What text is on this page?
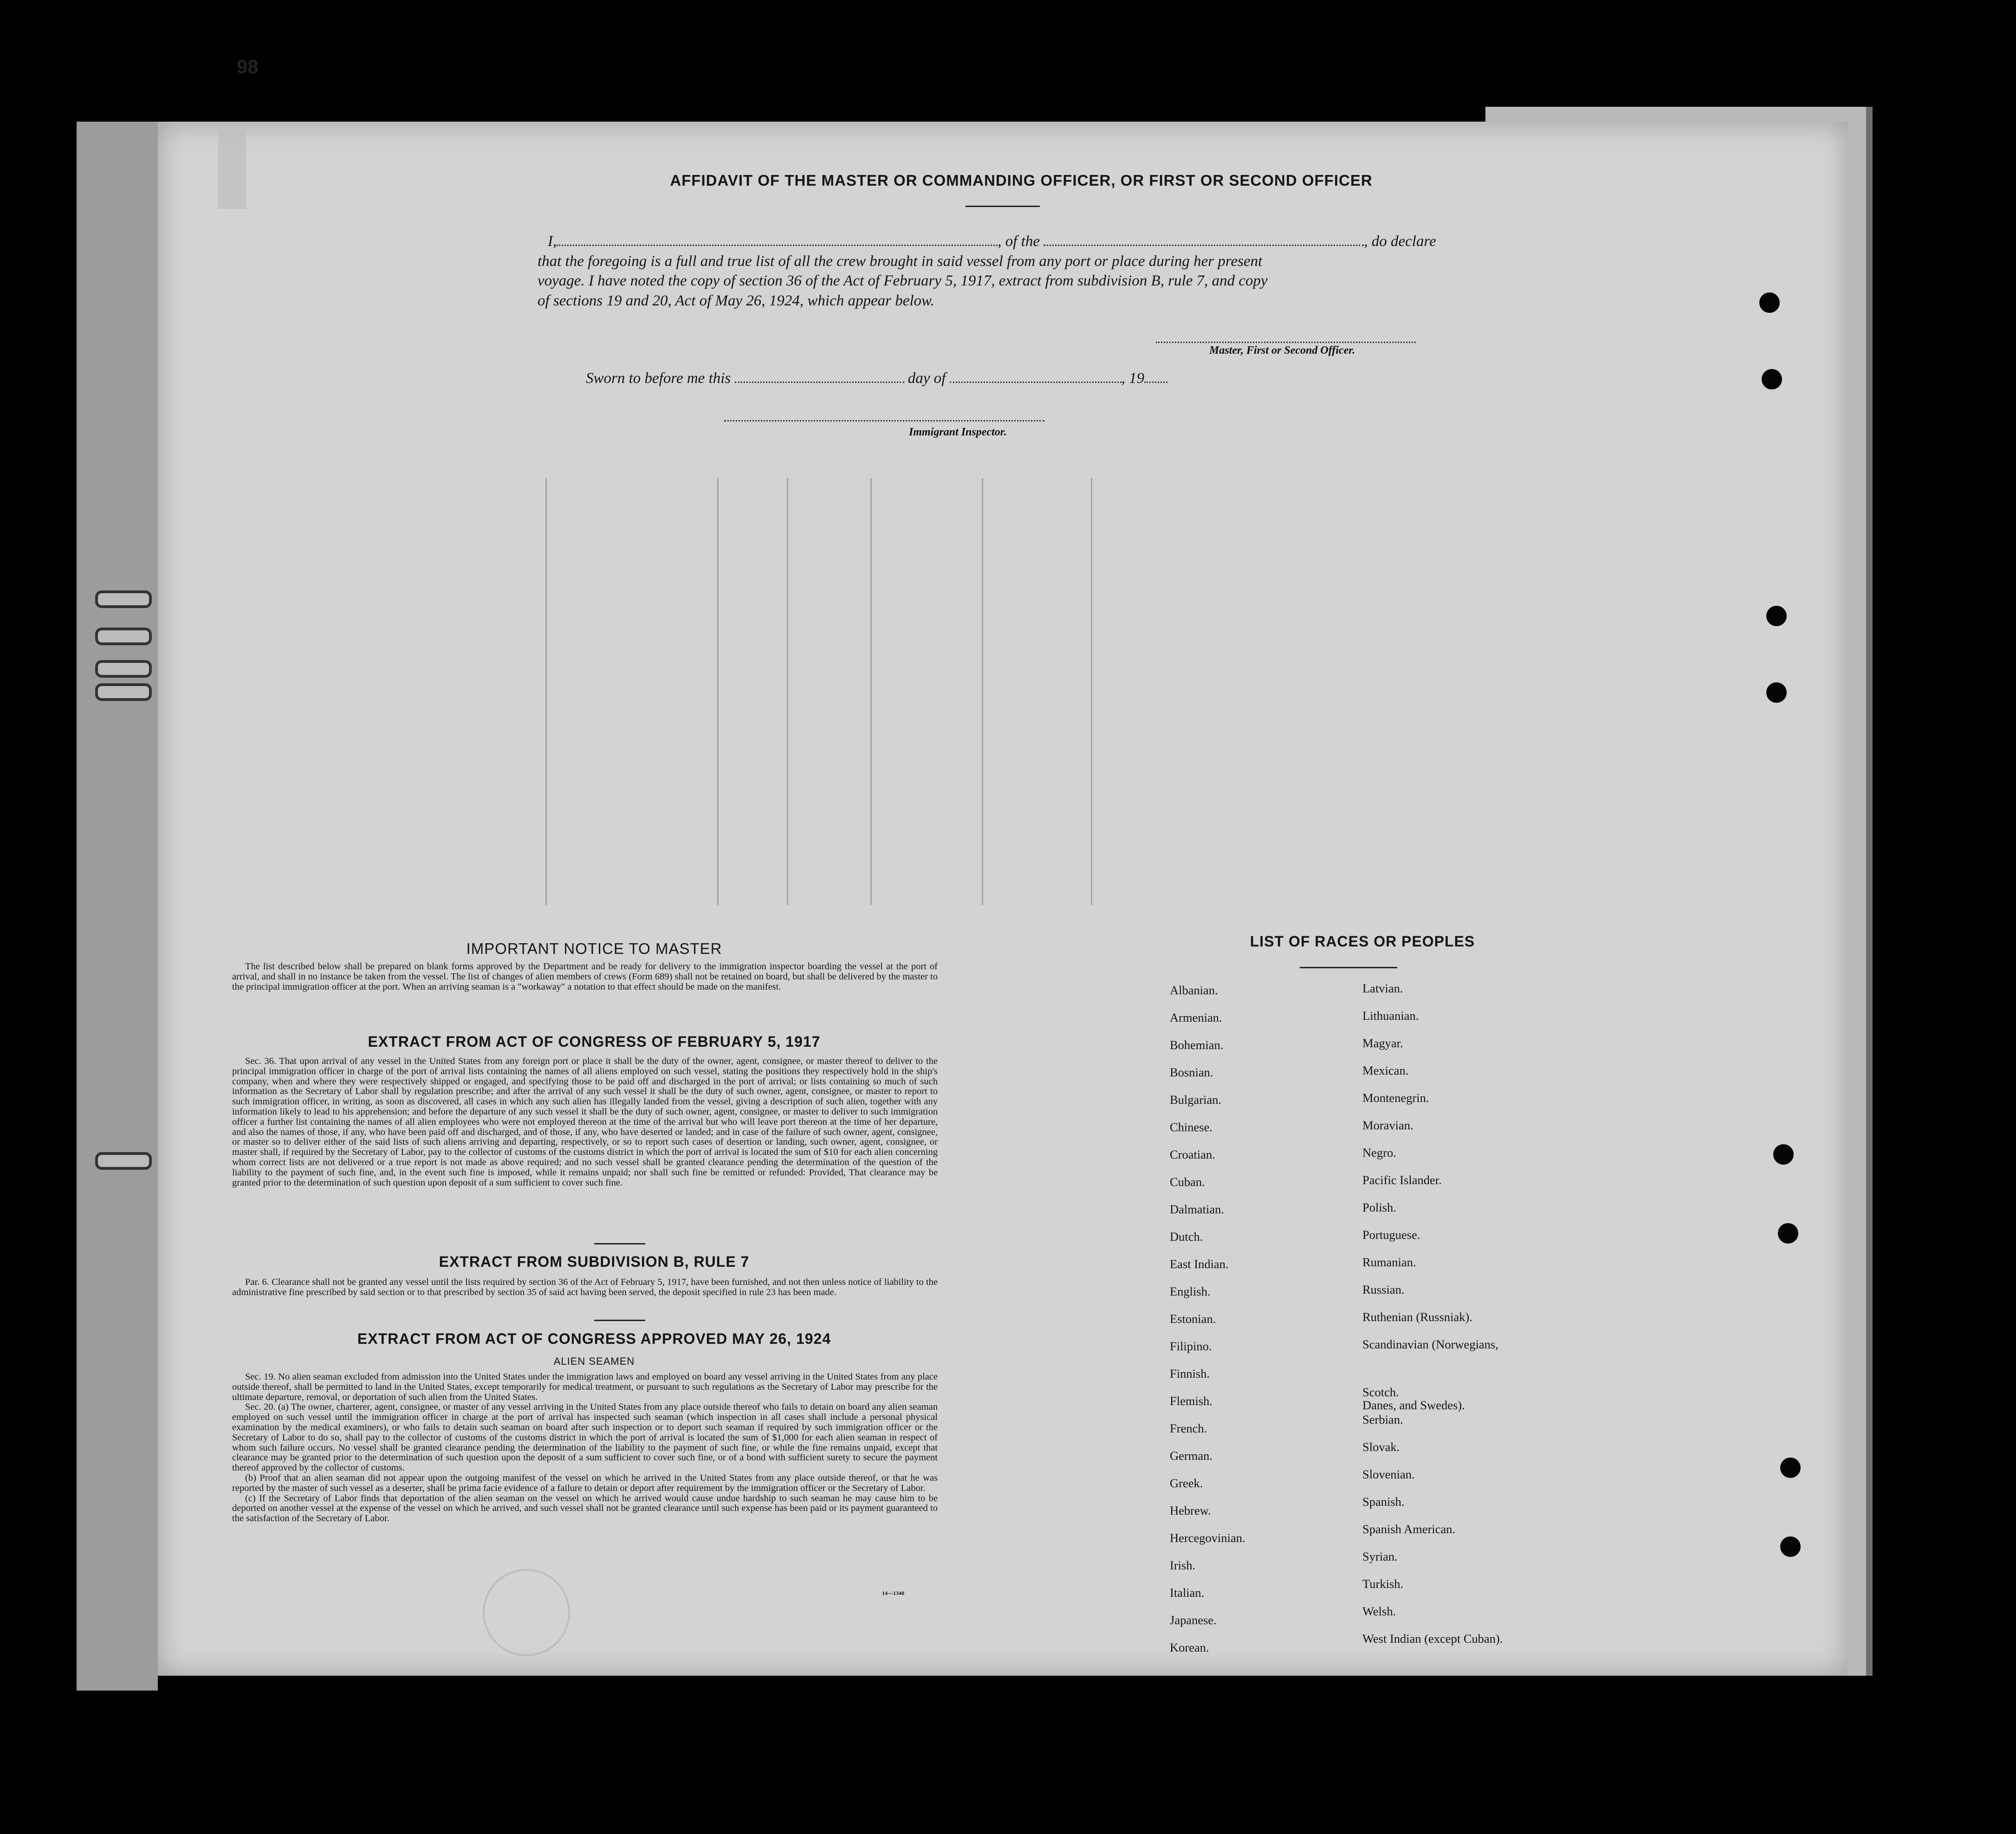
98
AFFIDAVIT OF THE MASTER OR COMMANDING OFFICER, OR FIRST OR SECOND OFFICER
I,	, of the	, do declare
that the foregoing is a full and true list of all the crew brought in said vessel from any port or place during her present
voyage. I have noted the copy of section 36 of the Act of February 5, 1917, extract from subdivision B, rule 7, and copy
of sections 19 and 20, Act of May 26, 1924, which appear below.
Master, First or Second Officer.
Sworn to before me this	day of	, 19
Immigrant Inspector.
IMPORTANT NOTICE TO MASTER

The list described below shall be prepared on blank forms approved by the Department and be ready for delivery to the immigration inspector boarding the vessel at the port of arrival, and shall in no instance be taken from the vessel. The list of changes of alien members of crews (Form 689) shall not be retained on board, but shall be delivered by the master to the principal immigration officer at the port. When an arriving seaman is a "workaway" a notation to that effect should be made on the manifest.

EXTRACT FROM ACT OF CONGRESS OF FEBRUARY 5, 1917

Sec. 36. That upon arrival of any vessel in the United States from any foreign port or place it shall be the duty of the owner, agent, consignee, or master thereof to deliver to the principal immigration officer in charge of the port of arrival lists containing the names of all aliens employed on such vessel, stating the positions they respectively hold in the ship's company, when and where they were respectively shipped or engaged, and specifying those to be paid off and discharged in the port of arrival; or lists containing so much of such information as the Secretary of Labor shall by regulation prescribe; and after the arrival of any such vessel it shall be the duty of such owner, agent, consignee, or master to report to such immigration officer, in writing, as soon as discovered, all cases in which any such alien has illegally landed from the vessel, giving a description of such alien, together with any information likely to lead to his apprehension; and before the departure of any such vessel it shall be the duty of such owner, agent, consignee, or master to deliver to such immigration officer a further list containing the names of all alien employees who were not employed thereon at the time of the arrival but who will leave port thereon at the time of her departure, and also the names of those, if any, who have been paid off and discharged, and of those, if any, who have deserted or landed; and in case of the failure of such owner, agent, consignee, or master so to deliver either of the said lists of such aliens arriving and departing, respectively, or so to report such cases of desertion or landing, such owner, agent, consignee, or master shall, if required by the Secretary of Labor, pay to the collector of customs of the customs district in which the port of arrival is located the sum of $10 for each alien concerning whom correct lists are not delivered or a true report is not made as above required; and no such vessel shall be granted clearance pending the determination of the question of the liability to the payment of such fine, and, in the event such fine is imposed, while it remains unpaid; nor shall such fine be remitted or refunded: Provided, That clearance may be granted prior to the determination of such question upon deposit of a sum sufficient to cover such fine.

EXTRACT FROM SUBDIVISION B, RULE 7

Par. 6. Clearance shall not be granted any vessel until the lists required by section 36 of the Act of February 5, 1917, have been furnished, and not then unless notice of liability to the administrative fine prescribed by said section or to that prescribed by section 35 of said act having been served, the deposit specified in rule 23 has been made.

EXTRACT FROM ACT OF CONGRESS APPROVED MAY 26, 1924
ALIEN SEAMEN

Sec. 19. No alien seaman excluded from admission into the United States under the immigration laws and employed on board any vessel arriving in the United States from any place outside thereof, shall be permitted to land in the United States, except temporarily for medical treatment, or pursuant to such regulations as the Secretary of Labor may prescribe for the ultimate departure, removal, or deportation of such alien from the United States.

Sec. 20. (a) The owner, charterer, agent, consignee, or master of any vessel arriving in the United States from any place outside thereof who fails to detain on board any alien seaman employed on such vessel until the immigration officer in charge at the port of arrival has inspected such seaman (which inspection in all cases shall include a personal physical examination by the medical examiners), or who fails to detain such seaman on board after such inspection or to deport such seaman if required by such immigration officer or the Secretary of Labor to do so, shall pay to the collector of customs of the customs district in which the port of arrival is located the sum of $1,000 for each alien seaman in respect of whom such failure occurs. No vessel shall be granted clearance pending the determination of the liability to the payment of such fine, or while the fine remains unpaid, except that clearance may be granted prior to the determination of such question upon the deposit of a sum sufficient to cover such fine, or of a bond with sufficient surety to secure the payment thereof approved by the collector of customs.

(b) Proof that an alien seaman did not appear upon the outgoing manifest of the vessel on which he arrived in the United States from any place outside thereof, or that he was reported by the master of such vessel as a deserter, shall be prima facie evidence of a failure to detain or deport after requirement by the immigration officer or the Secretary of Labor.

(c) If the Secretary of Labor finds that deportation of the alien seaman on the vessel on which he arrived would cause undue hardship to such seaman he may cause him to be deported on another vessel at the expense of the vessel on which he arrived, and such vessel shall not be granted clearance until such expense has been paid or its payment guaranteed to the satisfaction of the Secretary of Labor.

14—1340
LIST OF RACES OR PEOPLES
Danes, and Swedes).
Albanian.
Armenian.
Bohemian.
Bosnian.
Bulgarian.
Chinese.
Croatian.
Cuban.
Dalmatian.
Dutch.
East Indian.
English.
Estonian.
Filipino.
Finnish.
Flemish.
French.
German.
Greek.
Hebrew.
Hercegovinian.
Irish.
Italian.
Japanese.
Korean.
Latvian.
Lithuanian.
Magyar.
Mexican.
Montenegrin.
Moravian.
Negro.
Pacific Islander.
Polish.
Portuguese.
Rumanian.
Russian.
Ruthenian (Russniak).
Scandinavian (Norwegians,
Scotch.
Serbian.
Slovak.
Slovenian.
Spanish.
Spanish American.
Syrian.
Turkish.
Welsh.
West Indian (except Cuban).
